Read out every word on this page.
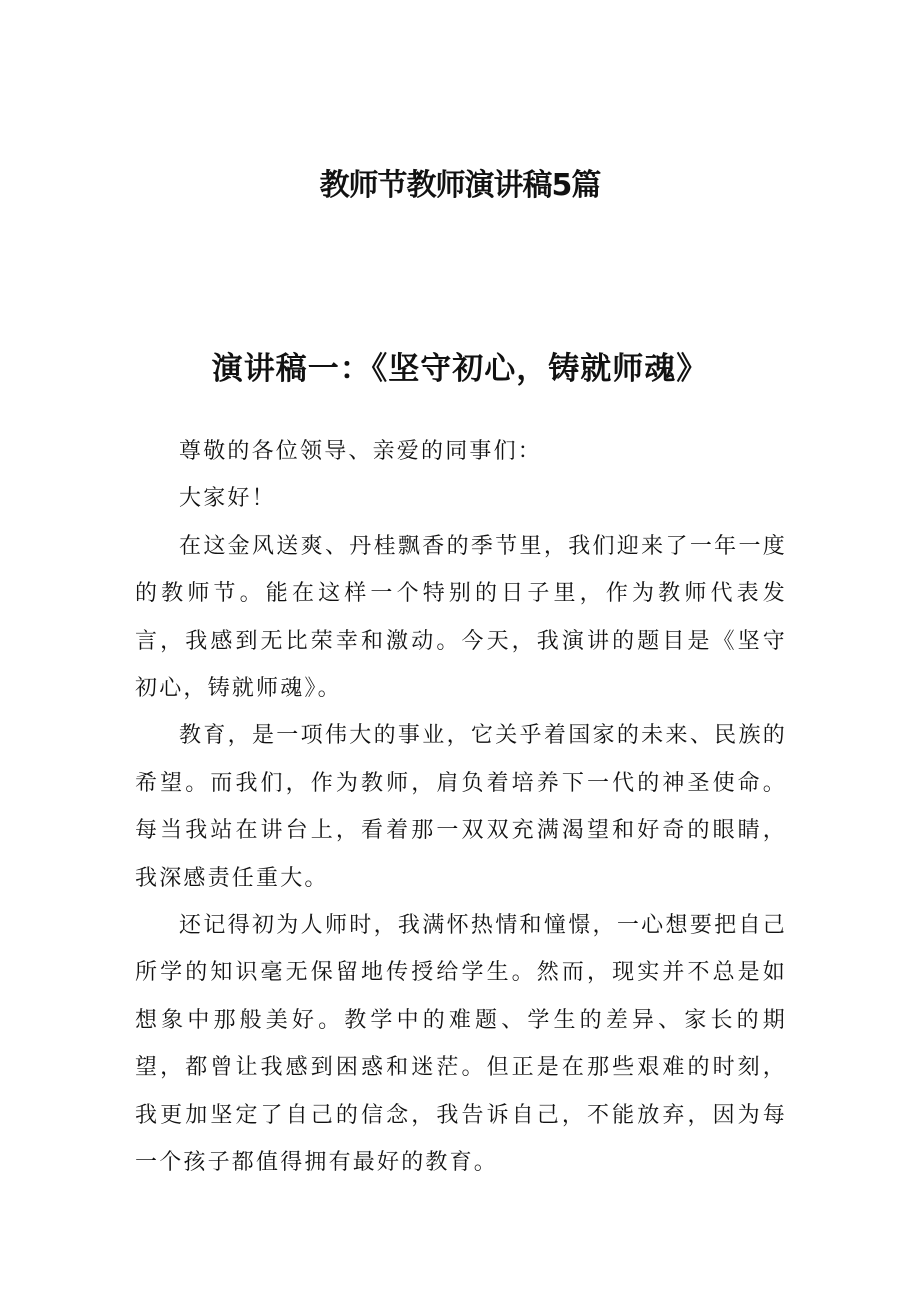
教师节教师演讲稿5篇
演讲稿一：《坚守初心，铸就师魂》

尊敬的各位领导、亲爱的同事们：

大家好！

在这金风送爽、丹桂飘香的季节里，我们迎来了一年一度的教师节。能在这样一个特别的日子里，作为教师代表发言，我感到无比荣幸和激动。今天，我演讲的题目是《坚守初心，铸就师魂》。

教育，是一项伟大的事业，它关乎着国家的未来、民族的希望。而我们，作为教师，肩负着培养下一代的神圣使命。每当我站在讲台上，看着那一双双充满渴望和好奇的眼睛，我深感责任重大。

还记得初为人师时，我满怀热情和憧憬，一心想要把自己所学的知识毫无保留地传授给学生。然而，现实并不总是如想象中那般美好。教学中的难题、学生的差异、家长的期望，都曾让我感到困惑和迷茫。但正是在那些艰难的时刻，我更加坚定了自己的信念，我告诉自己，不能放弃，因为每一个孩子都值得拥有最好的教育。
